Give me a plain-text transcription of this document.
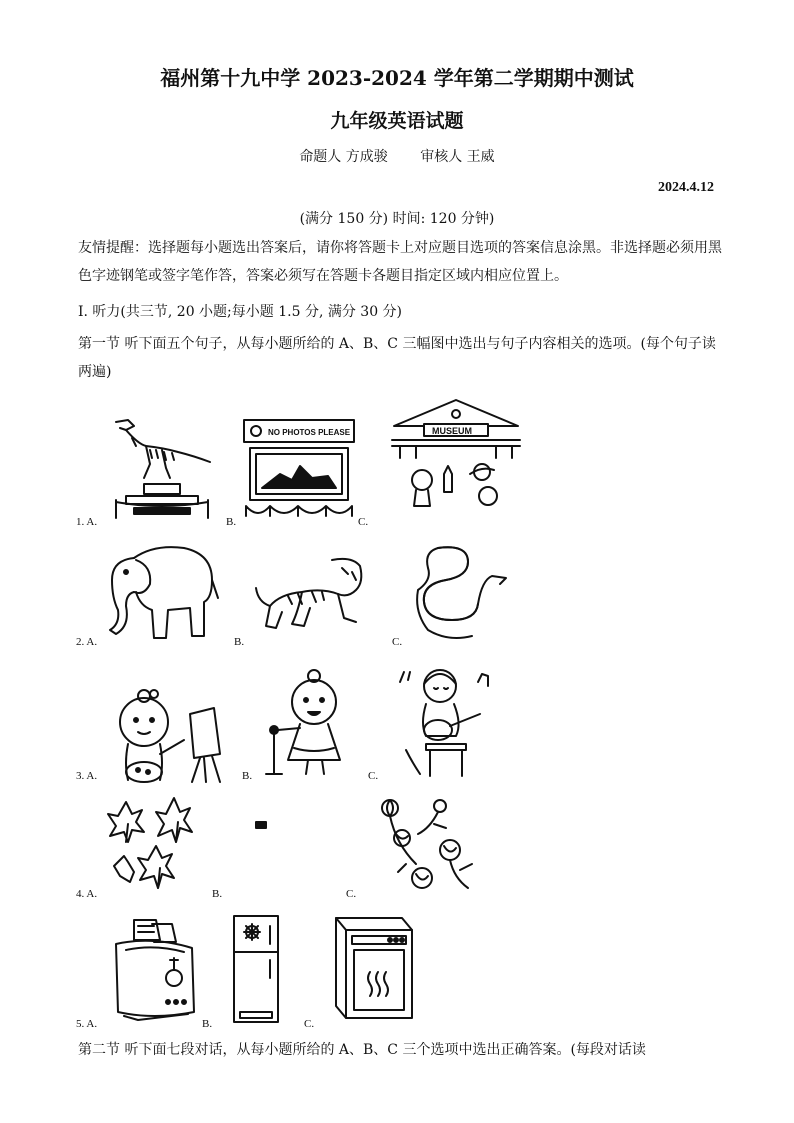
福州第十九中学 2023-2024 学年第二学期期中测试
九年级英语试题
命题人 方成骏 审核人 王威
2024.4.12
(满分 150 分) 时间: 120 分钟)
友情提醒：选择题每小题选出答案后，请你将答题卡上对应题目选项的答案信息涂黑。非选择题必须用黑色字迹钢笔或签字笔作答，答案必须写在答题卡各题目指定区域内相应位置上。
Ⅰ. 听力(共三节, 20 小题;每小题 1.5 分, 满分 30 分)
第一节 听下面五个句子，从每小题所给的 A、B、C 三幅图中选出与句子内容相关的选项。(每个句子读两遍)
1. A.	B.	C.
2. A.	B.	C.
3. A.	B.	C.
4. A.	B.	C.
5. A.	B.	C.
NO PHOTOS PLEASE	MUSEUM
第二节 听下面七段对话，从每小题所给的 A、B、C 三个选项中选出正确答案。(每段对话读
